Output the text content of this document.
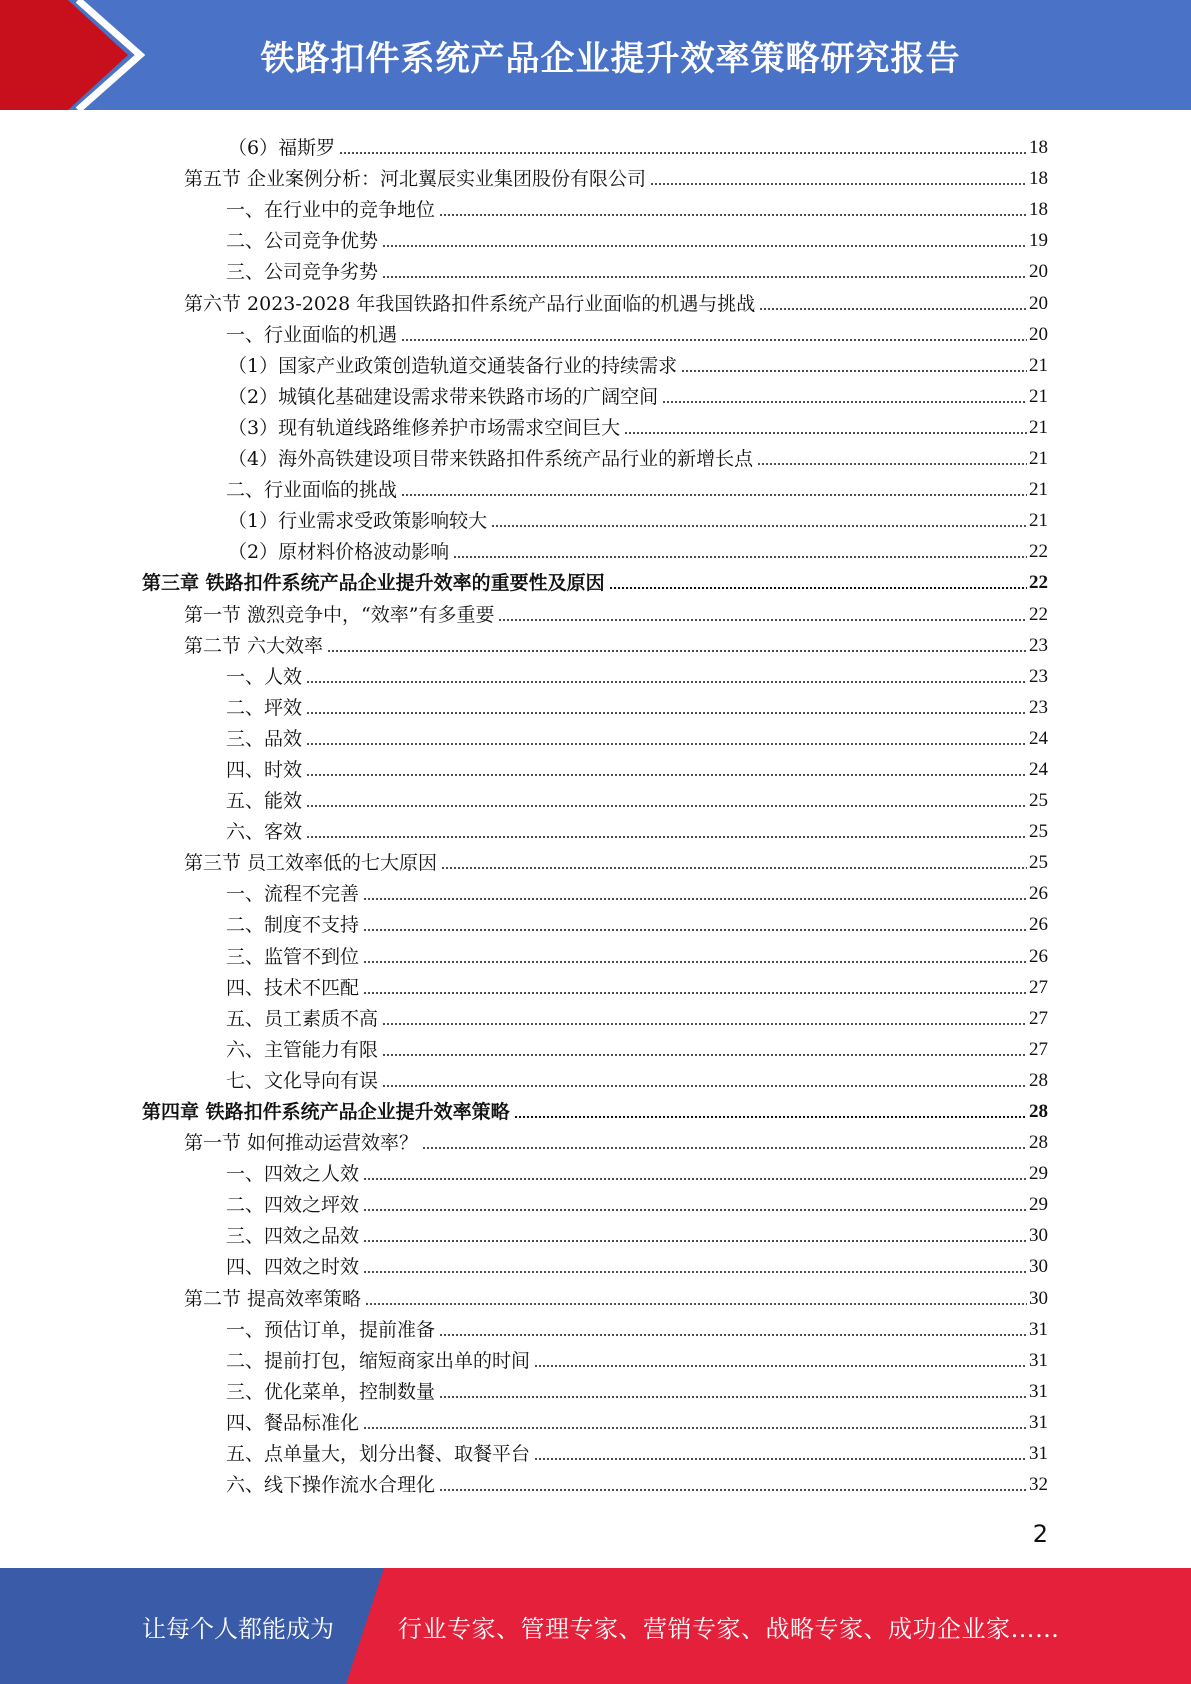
铁路扣件系统产品企业提升效率策略研究报告
（6）福斯罗	18
第五节 企业案例分析：河北翼辰实业集团股份有限公司	18
一、在行业中的竞争地位	18
二、公司竞争优势	19
三、公司竞争劣势	20
第六节 2023-2028 年我国铁路扣件系统产品行业面临的机遇与挑战	20
一、行业面临的机遇	20
（1）国家产业政策创造轨道交通装备行业的持续需求	21
（2）城镇化基础建设需求带来铁路市场的广阔空间	21
（3）现有轨道线路维修养护市场需求空间巨大	21
（4）海外高铁建设项目带来铁路扣件系统产品行业的新增长点	21
二、行业面临的挑战	21
（1）行业需求受政策影响较大	21
（2）原材料价格波动影响	22
第三章 铁路扣件系统产品企业提升效率的重要性及原因	22
第一节 激烈竞争中，“效率”有多重要	22
第二节 六大效率	23
一、人效	23
二、坪效	23
三、品效	24
四、时效	24
五、能效	25
六、客效	25
第三节 员工效率低的七大原因	25
一、流程不完善	26
二、制度不支持	26
三、监管不到位	26
四、技术不匹配	27
五、员工素质不高	27
六、主管能力有限	27
七、文化导向有误	28
第四章 铁路扣件系统产品企业提升效率策略	28
第一节 如何推动运营效率？	28
一、四效之人效	29
二、四效之坪效	29
三、四效之品效	30
四、四效之时效	30
第二节 提高效率策略	30
一、预估订单，提前准备	31
二、提前打包，缩短商家出单的时间	31
三、优化菜单，控制数量	31
四、餐品标准化	31
五、点单量大，划分出餐、取餐平台	31
六、线下操作流水合理化	32
2
让每个人都能成为	行业专家、管理专家、营销专家、战略专家、成功企业家……
